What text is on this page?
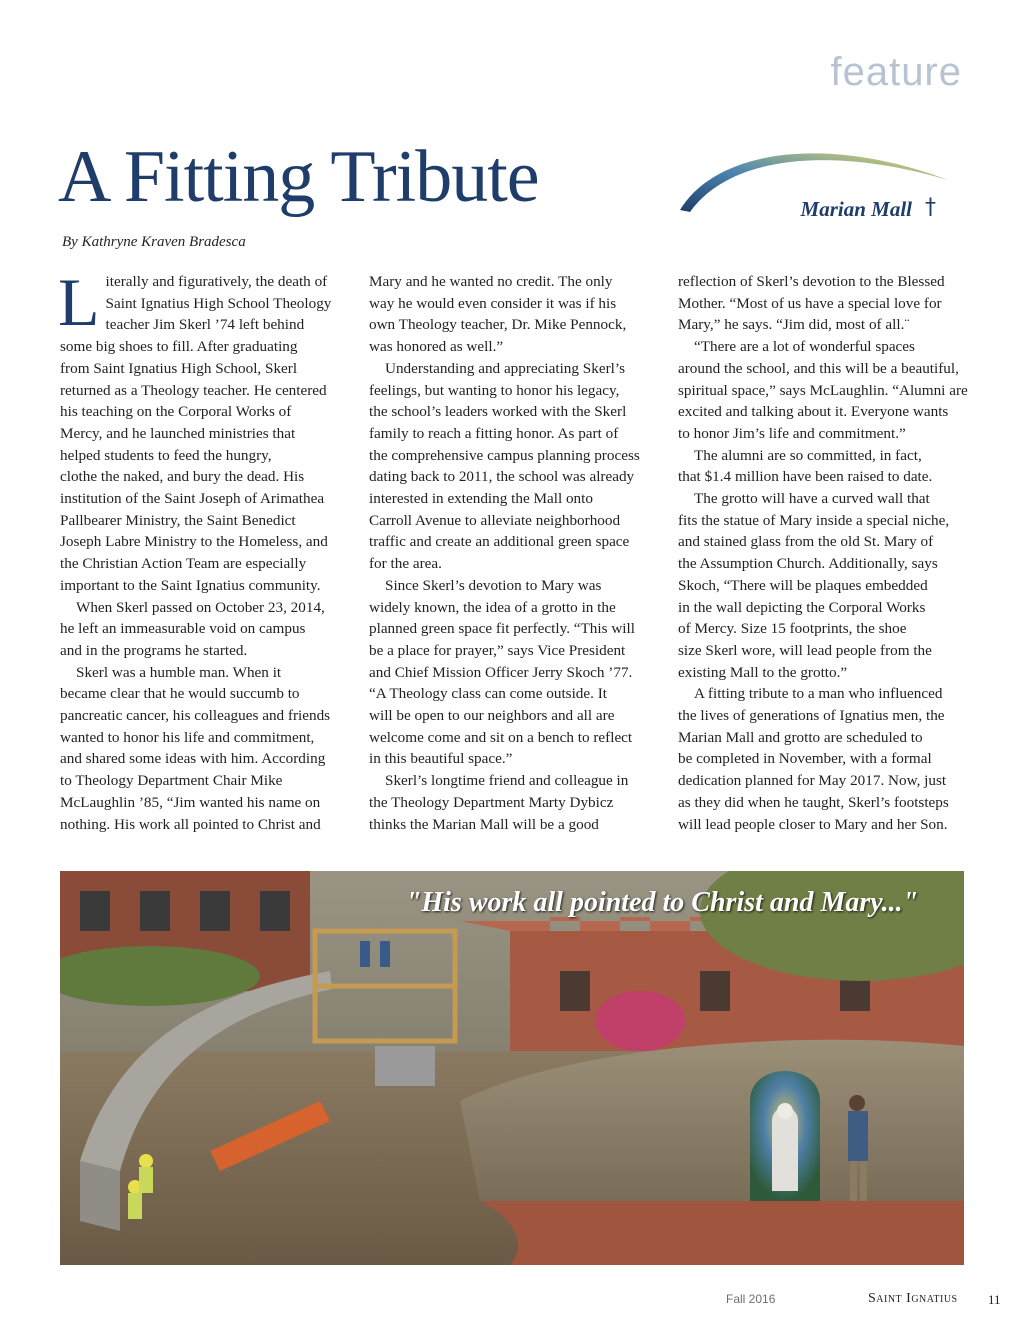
feature
A Fitting Tribute
By Kathryne Kraven Bradesca
Marian Mall †

L iterally and figuratively, the death of
Saint Ignatius High School Theology
teacher Jim Skerl ’74 left behind
some big shoes to fill. After graduating
from Saint Ignatius High School, Skerl
returned as a Theology teacher. He centered
his teaching on the Corporal Works of
Mercy, and he launched ministries that
helped students to feed the hungry,
clothe the naked, and bury the dead. His
institution of the Saint Joseph of Arimathea
Pallbearer Ministry, the Saint Benedict
Joseph Labre Ministry to the Homeless, and
the Christian Action Team are especially
important to the Saint Ignatius community.

When Skerl passed on October 23, 2014,
he left an immeasurable void on campus
and in the programs he started.

Skerl was a humble man. When it
became clear that he would succumb to
pancreatic cancer, his colleagues and friends
wanted to honor his life and commitment,
and shared some ideas with him. According
to Theology Department Chair Mike
McLaughlin ’85, “Jim wanted his name on
nothing. His work all pointed to Christ and

Mary and he wanted no credit. The only
way he would even consider it was if his
own Theology teacher, Dr. Mike Pennock,
was honored as well.”

Understanding and appreciating Skerl’s
feelings, but wanting to honor his legacy,
the school’s leaders worked with the Skerl
family to reach a fitting honor. As part of
the comprehensive campus planning process
dating back to 2011, the school was already
interested in extending the Mall onto
Carroll Avenue to alleviate neighborhood
traffic and create an additional green space
for the area.

Since Skerl’s devotion to Mary was
widely known, the idea of a grotto in the
planned green space fit perfectly. “This will
be a place for prayer,” says Vice President
and Chief Mission Officer Jerry Skoch ’77.
“A Theology class can come outside. It
will be open to our neighbors and all are
welcome come and sit on a bench to reflect
in this beautiful space.”

Skerl’s longtime friend and colleague in
the Theology Department Marty Dybicz
thinks the Marian Mall will be a good

reflection of Skerl’s devotion to the Blessed
Mother. “Most of us have a special love for
Mary,” he says. “Jim did, most of all.¨

“There are a lot of wonderful spaces
around the school, and this will be a beautiful,
spiritual space,” says McLaughlin. “Alumni are
excited and talking about it. Everyone wants
to honor Jim’s life and commitment.”

The alumni are so committed, in fact,
that $1.4 million have been raised to date.

The grotto will have a curved wall that
fits the statue of Mary inside a special niche,
and stained glass from the old St. Mary of
the Assumption Church. Additionally, says
Skoch, “There will be plaques embedded
in the wall depicting the Corporal Works
of Mercy. Size 15 footprints, the shoe
size Skerl wore, will lead people from the
existing Mall to the grotto.”

A fitting tribute to a man who influenced
the lives of generations of Ignatius men, the
Marian Mall and grotto are scheduled to
be completed in November, with a formal
dedication planned for May 2017. Now, just
as they did when he taught, Skerl’s footsteps
will lead people closer to Mary and her Son.

"His work all pointed to Christ and Mary..."
Fall 2016	Saint Ignatius 11
